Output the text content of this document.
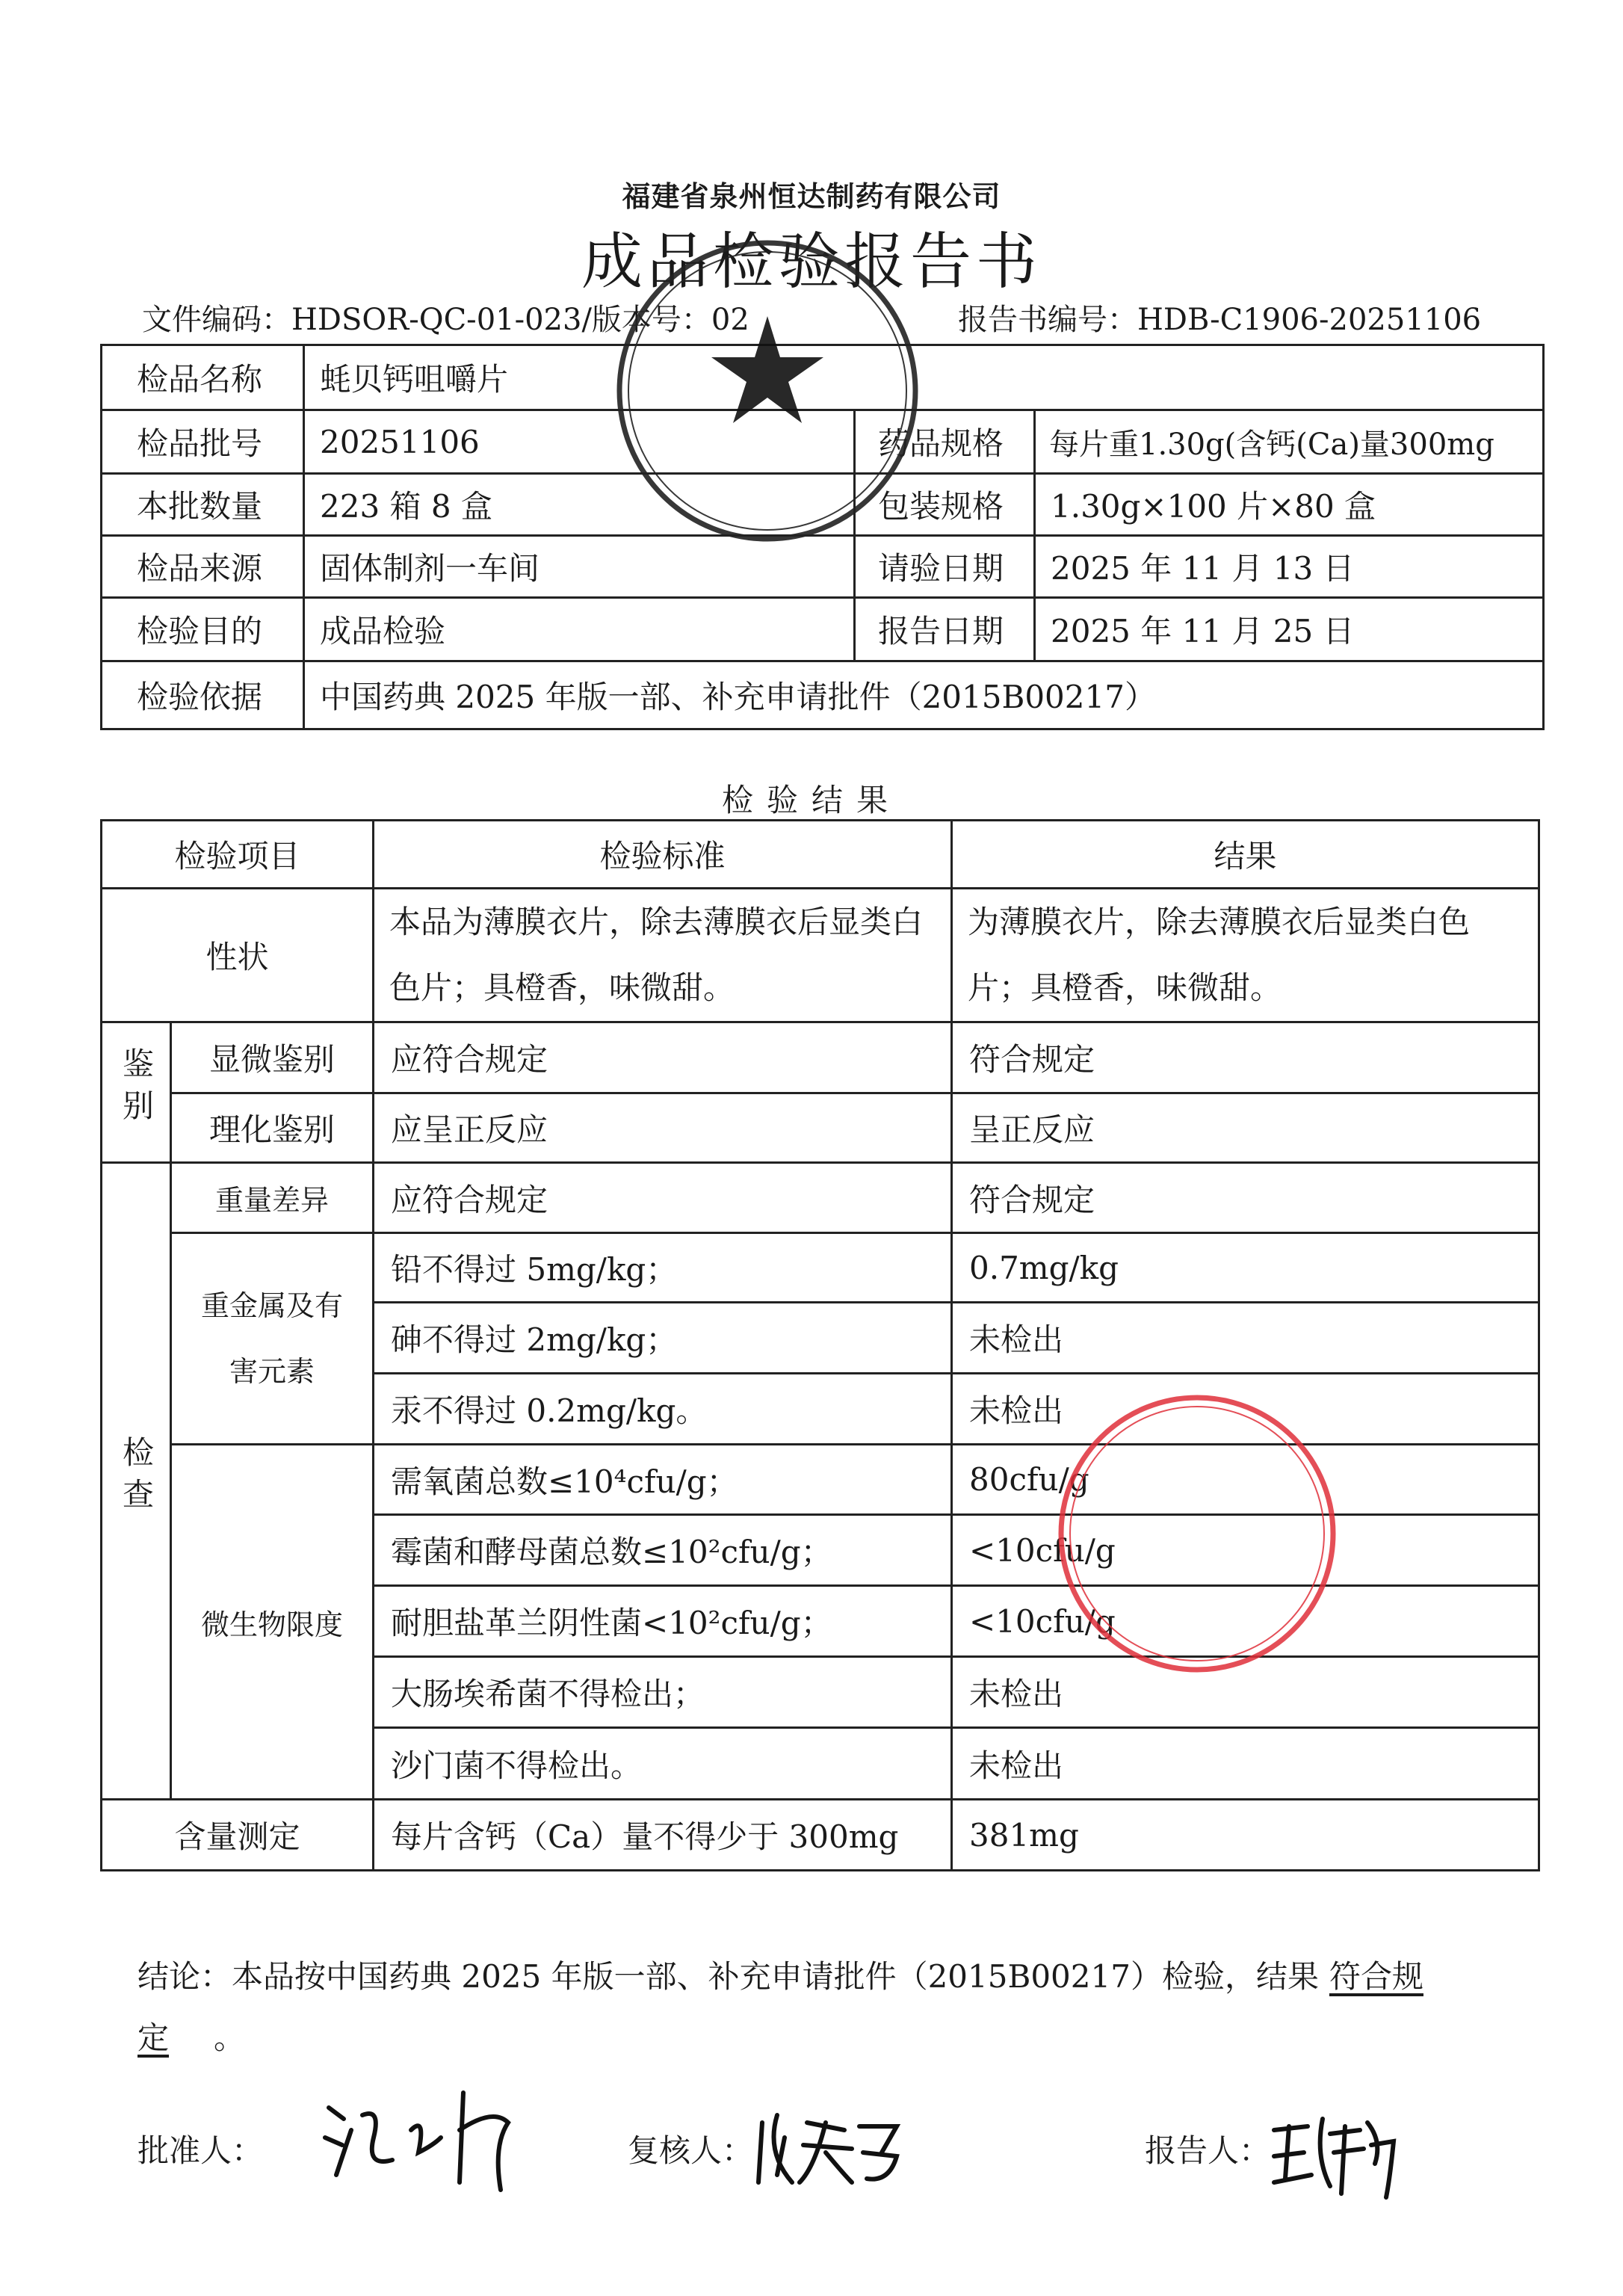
福建省泉州恒达制药有限公司
成品检验报告书
文件编码：HDSOR-QC-01-023/版本号：02	报告书编号：HDB-C1906-20251106
检品名称	蚝贝钙咀嚼片		
检品批号	20251106	药品规格	每片重1.30g(含钙(Ca)量300mg
本批数量	223 箱 8 盒	包装规格	1.30g×100 片×80 盒
检品来源	固体制剂一车间	请验日期	2025 年 11 月 13 日
检验目的	成品检验	报告日期	2025 年 11 月 25 日
检验依据	中国药典 2025 年版一部、补充申请批件（2015B00217）		
检验结果
检验项目		检验标准	结果
性状		本品为薄膜衣片，除去薄膜衣后显类白色片；具橙香，味微甜。	为薄膜衣片，除去薄膜衣后显类白色片；具橙香，味微甜。
鉴别	显微鉴别	应符合规定	符合规定
	理化鉴别	应呈正反应	呈正反应
检查	重量差异	应符合规定	符合规定
	重金属及有害元素	铅不得过 5mg/kg；	0.7mg/kg
		砷不得过 2mg/kg；	未检出
		汞不得过 0.2mg/kg。	未检出
	微生物限度	需氧菌总数≤10⁴cfu/g；	80cfu/g
		霉菌和酵母菌总数≤10²cfu/g；	<10cfu/g
		耐胆盐革兰阴性菌<10²cfu/g；	<10cfu/g
		大肠埃希菌不得检出；	未检出
		沙门菌不得检出。	未检出
含量测定		每片含钙（Ca）量不得少于 300mg	381mg
结论：本品按中国药典 2025 年版一部、补充申请批件（2015B00217）检验，结果 符合规定 。
批准人：	复核人：	报告人：
